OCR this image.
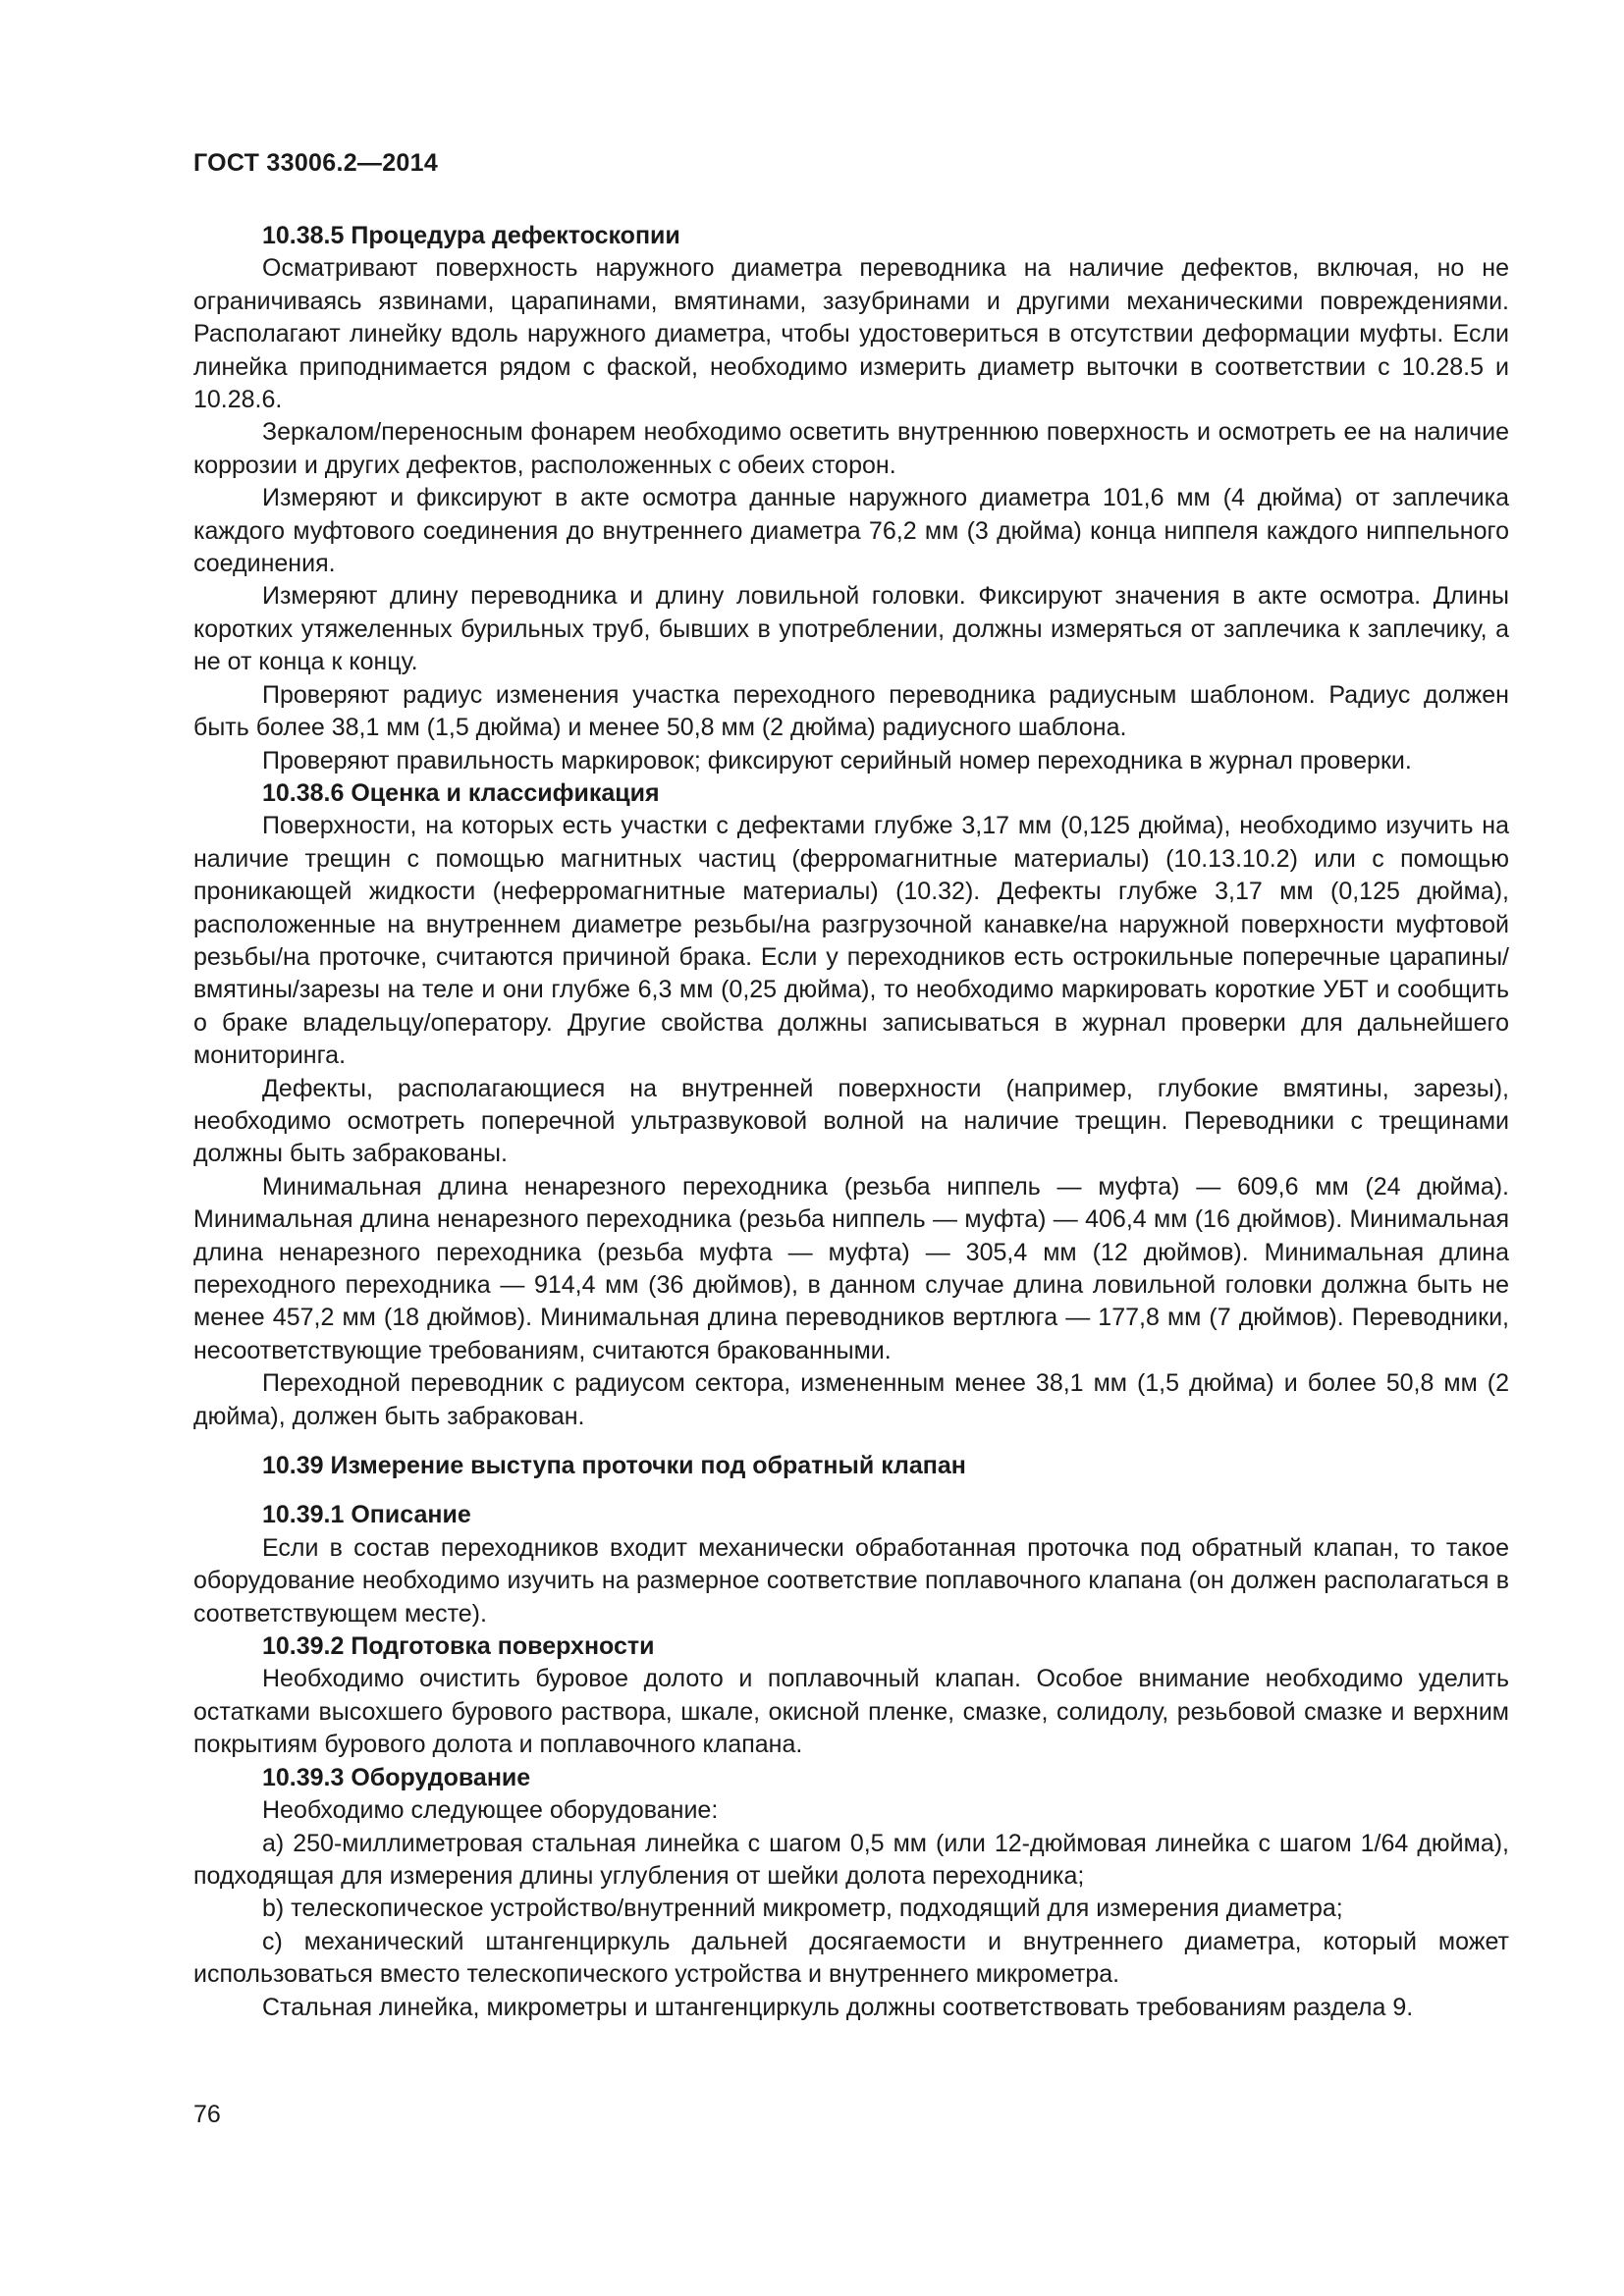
ГОСТ 33006.2—2014

10.38.5 Процедура дефектоскопии

Осматривают поверхность наружного диаметра переводника на наличие дефектов, включая, но не ограничиваясь язвинами, царапинами, вмятинами, зазубринами и другими механическими повреждениями. Располагают линейку вдоль наружного диаметра, чтобы удостовериться в отсутствии деформации муфты. Если линейка приподнимается рядом с фаской, необходимо измерить диаметр выточки в соответствии с 10.28.5 и 10.28.6.

Зеркалом/переносным фонарем необходимо осветить внутреннюю поверхность и осмотреть ее на наличие коррозии и других дефектов, расположенных с обеих сторон.

Измеряют и фиксируют в акте осмотра данные наружного диаметра 101,6 мм (4 дюйма) от заплечика каждого муфтового соединения до внутреннего диаметра 76,2 мм (3 дюйма) конца ниппеля каждого ниппельного соединения.

Измеряют длину переводника и длину ловильной головки. Фиксируют значения в акте осмотра. Длины коротких утяжеленных бурильных труб, бывших в употреблении, должны измеряться от заплечика к заплечику, а не от конца к концу.

Проверяют радиус изменения участка переходного переводника радиусным шаблоном. Радиус должен быть более 38,1 мм (1,5 дюйма) и менее 50,8 мм (2 дюйма) радиусного шаблона.

Проверяют правильность маркировок; фиксируют серийный номер переходника в журнал проверки.

10.38.6 Оценка и классификация

Поверхности, на которых есть участки с дефектами глубже 3,17 мм (0,125 дюйма), необходимо изучить на наличие трещин с помощью магнитных частиц (ферромагнитные материалы) (10.13.10.2) или с помощью проникающей жидкости (неферромагнитные материалы) (10.32). Дефекты глубже 3,17 мм (0,125 дюйма), расположенные на внутреннем диаметре резьбы/на разгрузочной канавке/на наружной поверхности муфтовой резьбы/на проточке, считаются причиной брака. Если у переходников есть острокильные поперечные царапины/вмятины/зарезы на теле и они глубже 6,3 мм (0,25 дюйма), то необходимо маркировать короткие УБТ и сообщить о браке владельцу/оператору. Другие свойства должны записываться в журнал проверки для дальнейшего мониторинга.

Дефекты, располагающиеся на внутренней поверхности (например, глубокие вмятины, зарезы), необходимо осмотреть поперечной ультразвуковой волной на наличие трещин. Переводники с трещинами должны быть забракованы.

Минимальная длина ненарезного переходника (резьба ниппель — муфта) — 609,6 мм (24 дюйма). Минимальная длина ненарезного переходника (резьба ниппель — муфта) — 406,4 мм (16 дюймов). Минимальная длина ненарезного переходника (резьба муфта — муфта) — 305,4 мм (12 дюймов). Минимальная длина переходного переходника — 914,4 мм (36 дюймов), в данном случае длина ловильной головки должна быть не менее 457,2 мм (18 дюймов). Минимальная длина переводников вертлюга — 177,8 мм (7 дюймов). Переводники, несоответствующие требованиям, считаются бракованными.

Переходной переводник с радиусом сектора, измененным менее 38,1 мм (1,5 дюйма) и более 50,8 мм (2 дюйма), должен быть забракован.

10.39 Измерение выступа проточки под обратный клапан

10.39.1 Описание

Если в состав переходников входит механически обработанная проточка под обратный клапан, то такое оборудование необходимо изучить на размерное соответствие поплавочного клапана (он должен располагаться в соответствующем месте).

10.39.2 Подготовка поверхности

Необходимо очистить буровое долото и поплавочный клапан. Особое внимание необходимо уделить остатками высохшего бурового раствора, шкале, окисной пленке, смазке, солидолу, резьбовой смазке и верхним покрытиям бурового долота и поплавочного клапана.

10.39.3 Оборудование

Необходимо следующее оборудование:

a) 250-миллиметровая стальная линейка с шагом 0,5 мм (или 12-дюймовая линейка с шагом 1/64 дюйма), подходящая для измерения длины углубления от шейки долота переходника;

b) телескопическое устройство/внутренний микрометр, подходящий для измерения диаметра;

c) механический штангенциркуль дальней досягаемости и внутреннего диаметра, который может использоваться вместо телескопического устройства и внутреннего микрометра.

Стальная линейка, микрометры и штангенциркуль должны соответствовать требованиям раздела 9.

76
